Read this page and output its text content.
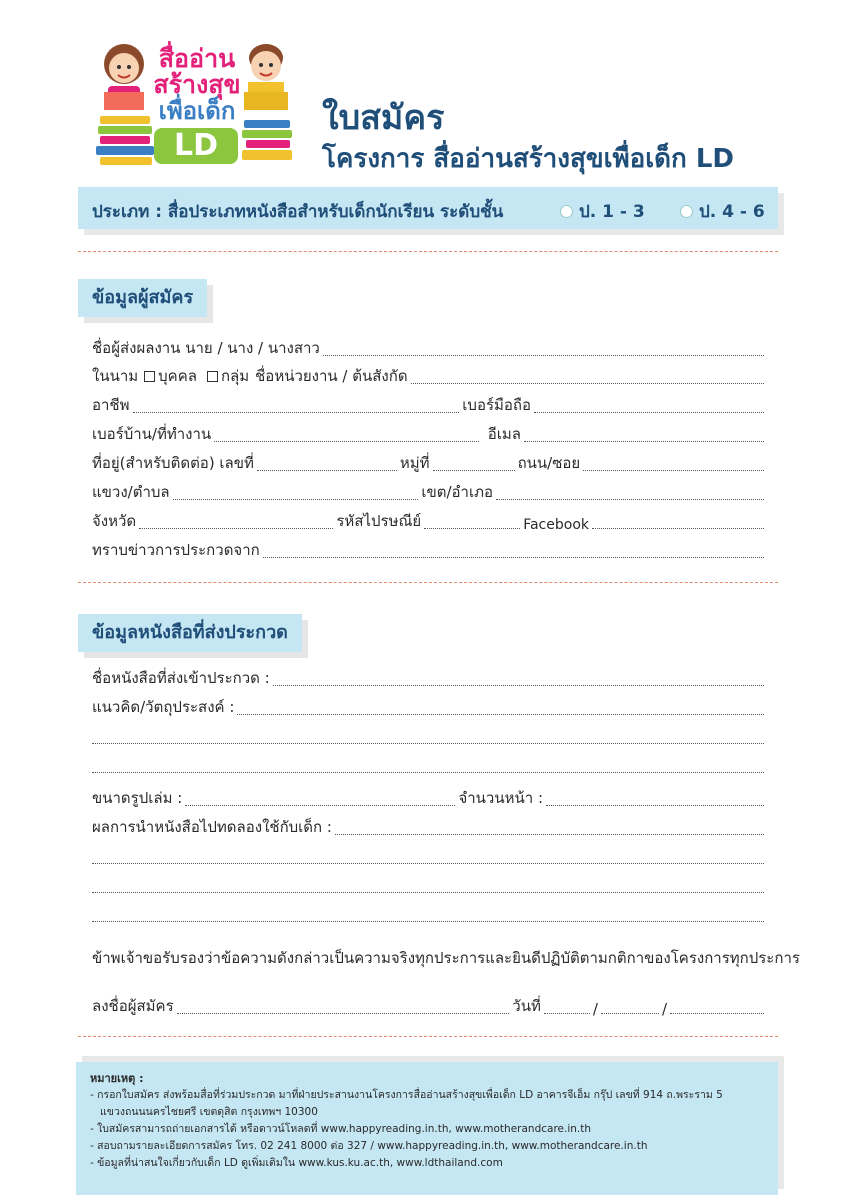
สื่ออ่าน
สร้างสุข
เพื่อเด็ก
LD
ใบสมัคร
โครงการ สื่ออ่านสร้างสุขเพื่อเด็ก LD
ประเภท : สื่อประเภทหนังสือสำหรับเด็กนักเรียน ระดับชั้น	ป. 1 - 3	ป. 4 - 6
ข้อมูลผู้สมัคร
ชื่อผู้ส่งผลงาน นาย / นาง / นางสาว
ในนาม บุคคล กลุ่ม ชื่อหน่วยงาน / ต้นสังกัด
อาชีพ	เบอร์มือถือ
เบอร์บ้าน/ที่ทำงาน	อีเมล
ที่อยู่(สำหรับติดต่อ) เลขที่	หมู่ที่	ถนน/ซอย
แขวง/ตำบล	เขต/อำเภอ
จังหวัด	รหัสไปรษณีย์	Facebook
ทราบข่าวการประกวดจาก
ข้อมูลหนังสือที่ส่งประกวด
ชื่อหนังสือที่ส่งเข้าประกวด :
แนวคิด/วัตถุประสงค์ :
ขนาดรูปเล่ม :	จำนวนหน้า :
ผลการนำหนังสือไปทดลองใช้กับเด็ก :
ข้าพเจ้าขอรับรองว่าข้อความดังกล่าวเป็นความจริงทุกประการและยินดีปฏิบัติตามกติกาของโครงการทุกประการ
ลงชื่อผู้สมัคร	วันที่	/	/
หมายเหตุ :
- กรอกใบสมัคร ส่งพร้อมสื่อที่ร่วมประกวด มาที่ฝ่ายประสานงานโครงการสื่ออ่านสร้างสุขเพื่อเด็ก LD อาคารจีเอ็ม กรุ๊ป เลขที่ 914 ถ.พระราม 5
แขวงถนนนครไชยศรี เขตดุสิต กรุงเทพฯ 10300
- ใบสมัครสามารถถ่ายเอกสารได้ หรือดาวน์โหลดที่ www.happyreading.in.th, www.motherandcare.in.th
- สอบถามรายละเอียดการสมัคร โทร. 02 241 8000 ต่อ 327 / www.happyreading.in.th, www.motherandcare.in.th
- ข้อมูลที่น่าสนใจเกี่ยวกับเด็ก LD ดูเพิ่มเติมใน www.kus.ku.ac.th, www.ldthailand.com
